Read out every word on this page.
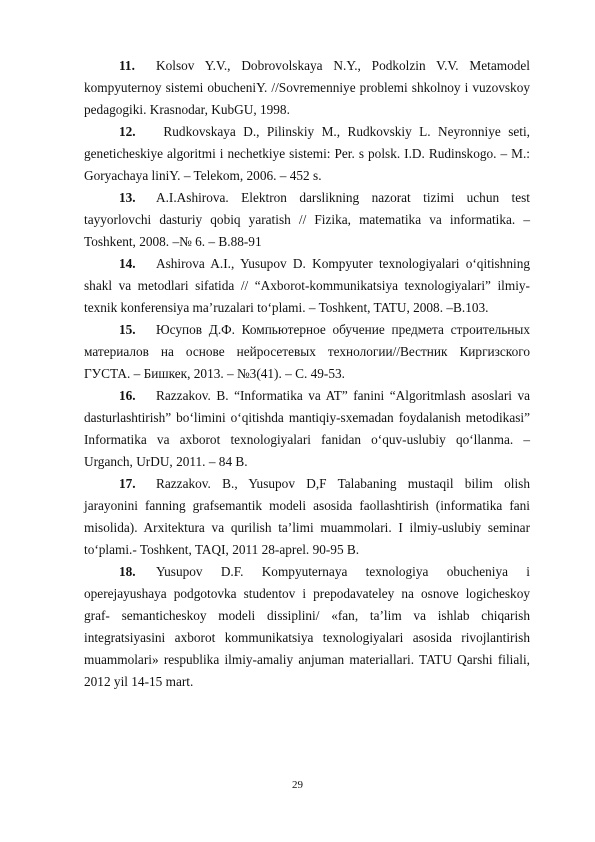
11. Kolsov Y.V., Dobrovolskaya N.Y., Podkolzin V.V. Metamodel kompyuternoy sistemi obucheniY. //Sovremenniye problemi shkolnoy i vuzovskoy pedagogiki. Krasnodar, KubGU, 1998.

12. Rudkovskaya D., Pilinskiy M., Rudkovskiy L. Neyronniye seti, geneticheskiye algoritmi i nechetkiye sistemi: Per. s polsk. I.D. Rudinskogo. – M.: Goryachaya liniY. – Telekom, 2006. – 452 s.

13. A.I.Ashirova. Elektron darslikning nazorat tizimi uchun test tayyorlovchi dasturiy qobiq yaratish // Fizika, matematika va informatika. – Toshkent, 2008. –№ 6. – B.88-91

14. Ashirova A.I., Yusupov D. Kompyuter texnologiyalari o‘qitishning shakl va metodlari sifatida // “Axborot-kommunikatsiya texnologiyalari” ilmiy-texnik konferensiya ma’ruzalari to‘plami. – Toshkent, TATU, 2008. –B.103.

15. Юсупов Д.Ф. Компьютерное обучение предмета строительных материалов на основе нейросетевых технологии//Вестник Киргизского ГУСТА. – Бишкек, 2013. – №3(41). – С. 49-53.

16. Razzakov. B. “Informatika va AT” fanini “Algoritmlash asoslari va dasturlashtirish” bo‘limini o‘qitishda mantiqiy-sxemadan foydalanish metodikasi” Informatika va axborot texnologiyalari fanidan o‘quv-uslubiy qo‘llanma. – Urganch, UrDU, 2011. – 84 B.

17. Razzakov. B., Yusupov D,F Talabaning mustaqil bilim olish jarayonini fanning grafsemantik modeli asosida faollashtirish (informatika fani misolida). Arxitektura va qurilish ta’limi muammolari. I ilmiy-uslubiy seminar to‘plami.- Toshkent, TAQI, 2011 28-aprel. 90-95 B.

18. Yusupov D.F. Kompyuternaya texnologiya obucheniya i operejayushaya podgotovka studentov i prepodavateley na osnove logicheskoy graf- semanticheskoy modeli dissiplini/ «fan, ta’lim va ishlab chiqarish integratsiyasini axborot kommunikatsiya texnologiyalari asosida rivojlantirish muammolari» respublika ilmiy-amaliy anjuman materiallari. TATU Qarshi filiali, 2012 yil 14-15 mart.

29
